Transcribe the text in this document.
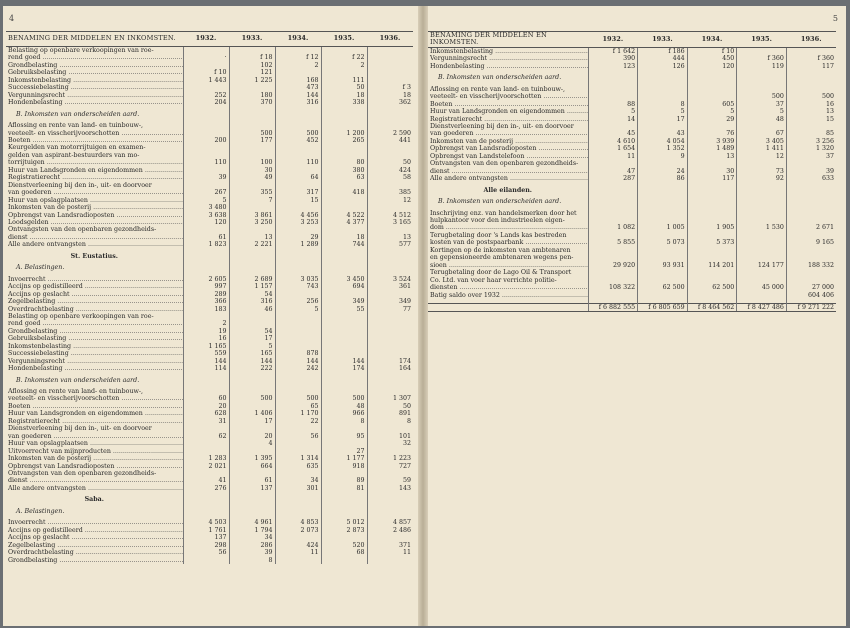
4
BENAMING DER MIDDELEN EN INKOMSTEN.	1932.	1933.	1934.	1935.	1936.
Belasting op openbare verkoopingen van roe-					
rend goed .....	·	f 18	f 12	f 22	
Grondbelasting .....		102	2	2	
Gebruiksbelasting .....	f 10	121			
Inkomstenbelasting .....	1 443	1 225	168	111	
Successiebelasting .....			473	50	f 3
Vergunningsrecht .....	252	180	144	18	18
Hondenbelasting .....	204	370	316	338	362

B. Inkomsten van onderscheiden aard.					

Aflossing en rente van land- en tuinbouw-,					
veeteelt- en visscherijvoorschotten .....		500	500	1 200	2 590
Boeten .....	200	177	452	265	441
Keurgelden van motorrijtuigen en examen-					
gelden van aspirant-bestuurders van mo-					
torrijtuigen .....	110	100	110	80	50
Huur van Landsgronden en eigendommen .....		30		380	424
Registratierecht .....	39	49	64	63	58
Dienstverleening bij den in-, uit- en doorvoer					
van goederen .....	267	355	317	418	385
Huur van opslagplaatsen .....	5	7	15		12
Inkomsten van de posterij .....	3 480				
Opbrengst van Landsradioposten .....	3 638	3 861	4 456	4 522	4 512
Loodsgelden .....	120	3 250	3 253	4 377	3 165
Ontvangsten van den openbaren gezondheids-					
dienst .....	61	13	29	18	13
Alle andere ontvangsten .....	1 823	2 221	1 289	744	577

St. Eustatius.					

A. Belastingen.					

Invoerrecht .....	2 605	2 689	3 035	3 450	3 524
Accijns op gedistilleerd .....	997	1 157	743	694	361
Accijns op geslacht .....	289	54			
Zegelbelasting .....	366	316	256	349	349
Overdrachtbelasting .....	183	46	5	55	77
Belasting op openbare verkoopingen van roe-					
rend goed .....	2				
Grondbelasting .....	19	54			
Gebruiksbelasting .....	16	17			
Inkomstenbelasting .....	1 165	5			
Successiebelasting .....	559	165	878		
Vergunningsrecht .....	144	144	144	144	174
Hondenbelasting .....	114	222	242	174	164

B. Inkomsten van onderscheiden aard.					

Aflossing en rente van land- en tuinbouw-,					
veeteelt- en visscherijvoorschotten .....	60	500	500	500	1 307
Boeten .....	20		65	48	50
Huur van Landsgronden en eigendommen .....	628	1 406	1 170	966	891
Registratierecht .....	31	17	22	8	8
Dienstverleening bij den in-, uit- en doorvoer					
van goederen .....	62	20	56	95	101
Huur van opslagplaatsen .....		4			32
Uitvoerrecht van mijnproducten .....				27	
Inkomsten van de posterij .....	1 283	1 395	1 314	1 177	1 223
Opbrengst van Landsradioposten .....	2 021	664	635	918	727
Ontvangsten van den openbaren gezondheids-					
dienst .....	41	61	34	89	59
Alle andere ontvangsten .....	276	137	301	81	143

Saba.					

A. Belastingen.					

Invoerrecht .....	4 503	4 961	4 853	5 012	4 857
Accijns op gedistilleerd .....	1 761	1 794	2 073	2 873	2 486
Accijns op geslacht .....	137	34			
Zegelbelasting .....	298	286	424	520	371
Overdrachtbelasting .....	56	39	11	68	11
Grondbelasting .....		8			
5
BENAMING DER MIDDELEN EN INKOMSTEN.	1932.	1933.	1934.	1935.	1936.
Inkomstenbelasting .....	f 1 642	f 186	f 10		
Vergunningsrecht .....	390	444	450	f 360	f 360
Hondenbelasting .....	123	126	120	119	117

B. Inkomsten van onderscheiden aard.					

Aflossing en rente van land- en tuinbouw-,					
veeteelt- en visscherijvoorschotten .....				500	500
Boeten .....	88	8	605	37	16
Huur van Landsgronden en eigendommen .....	5	5	5	5	13
Registratierecht .....	14	17	29	48	15
Dienstverleening bij den in-, uit- en doorvoer					
van goederen .....	45	43	76	67	85
Inkomsten van de posterij .....	4 610	4 054	3 939	3 405	3 256
Opbrengst van Landsradioposten .....	1 654	1 352	1 489	1 411	1 320
Opbrengst van Landstelefoon .....	11	9	13	12	37
Ontvangsten van den openbaren gezondheids-					
dienst .....	47	24	30	73	39
Alle andere ontvangsten .....	287	86	117	92	633

Alle eilanden.					

B. Inkomsten van onderscheiden aard.					

Inschrijving enz. van handelsmerken door het					
hulpkantoor voor den industrieelen eigen-					
dom .....	1 082	1 005	1 905	1 530	2 671
Terugbetaling door 's Lands kas bestreden					
kosten van de postspaarbank .....	5 855	5 073	5 373		9 165
Kortingen op de inkomsten van ambtenaren					
en gepensioneerde ambtenaren wegens pen-					
sioen .....	29 920	93 931	114 201	124 177	188 332
Terugbetaling door de Lago Oil & Transport					
Co. Ltd. van voer haar verrichte politie-					
diensten .....	108 322	62 500	62 500	45 000	27 000
Batig saldo over 1932 .....					604 406

	f 6 882 555	f 6 805 659	f 8 464 562	f 8 427 486	f 9 271 222
